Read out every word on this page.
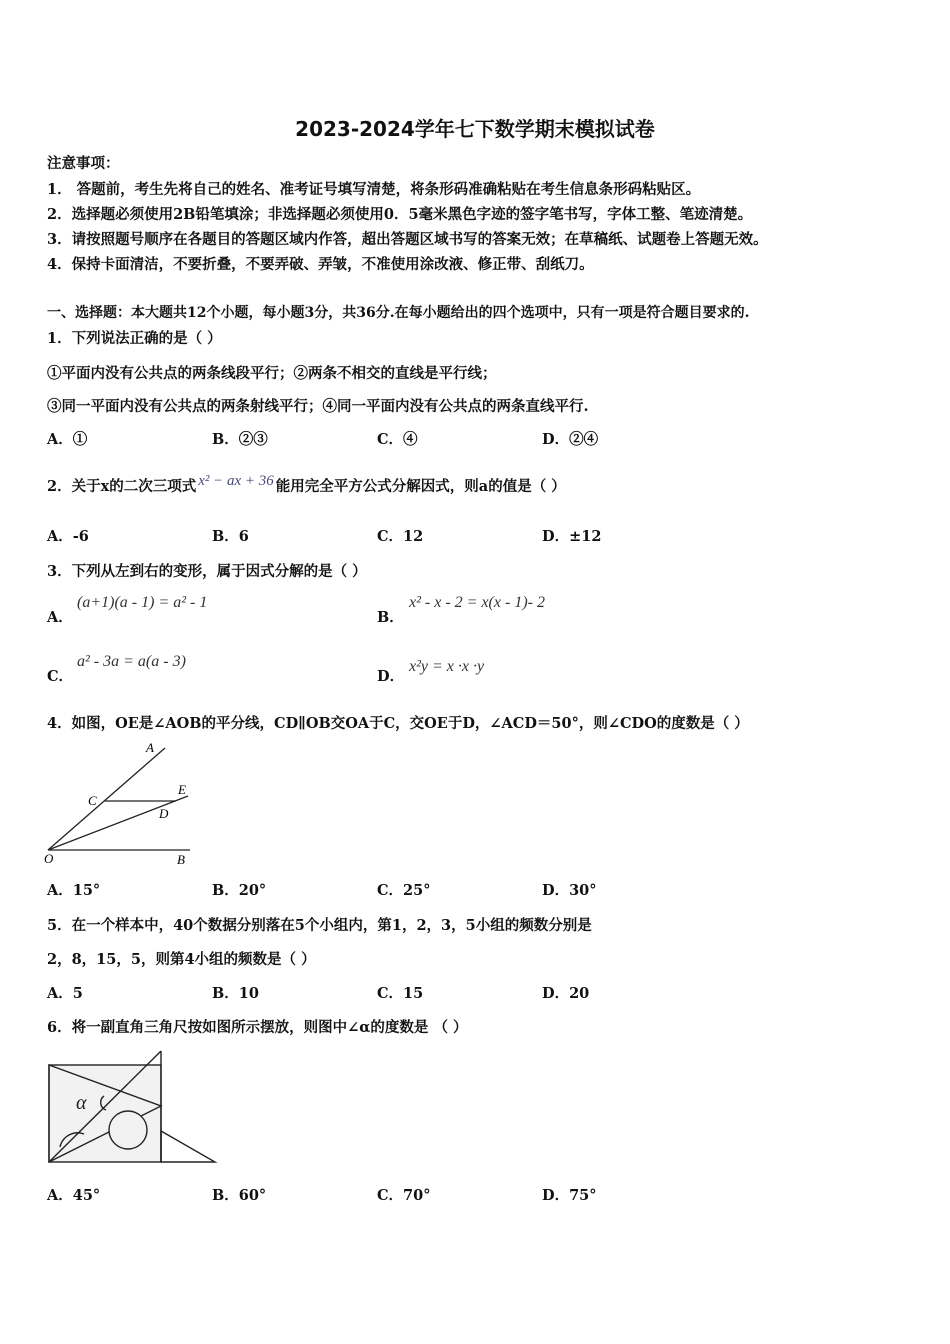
2023-2024学年七下数学期末模拟试卷
注意事项：
1． 答题前，考生先将自己的姓名、准考证号填写清楚，将条形码准确粘贴在考生信息条形码粘贴区。
2．选择题必须使用2B铅笔填涂；非选择题必须使用0．5毫米黑色字迹的签字笔书写，字体工整、笔迹清楚。
3．请按照题号顺序在各题目的答题区域内作答，超出答题区域书写的答案无效；在草稿纸、试题卷上答题无效。
4．保持卡面清洁，不要折叠，不要弄破、弄皱，不准使用涂改液、修正带、刮纸刀。
一、选择题：本大题共12个小题，每小题3分，共36分.在每小题给出的四个选项中，只有一项是符合题目要求的.
1．下列说法正确的是（ ）
①平面内没有公共点的两条线段平行；②两条不相交的直线是平行线；
③同一平面内没有公共点的两条射线平行；④同一平面内没有公共点的两条直线平行.
A．①	B．②③	C．④	D．②④
2．关于x的二次三项式 x² − ax + 36 能用完全平方公式分解因式，则a的值是（ ）
A．-6	B．6	C．12	D．±12
3．下列从左到右的变形，属于因式分解的是（ ）
A．
(a+1)(a - 1) = a² - 1
B．
x² - x - 2 = x(x - 1)- 2
C．
a² - 3a = a(a - 3)
D．
x²y = x ·x ·y
4．如图，OE是∠AOB的平分线，CD∥OB交OA于C，交OE于D，∠ACD＝50°，则∠CDO的度数是（ ）
A
E
C
D
O	B
A．15°	B．20°	C．25°	D．30°
5．在一个样本中，40个数据分别落在5个小组内，第1，2，3，5小组的频数分别是
2，8，15，5，则第4小组的频数是（ ）
A．5	B．10	C．15	D．20
6．将一副直角三角尺按如图所示摆放，则图中∠α的度数是 （ ）
α
A．45°	B．60°	C．70°	D．75°
